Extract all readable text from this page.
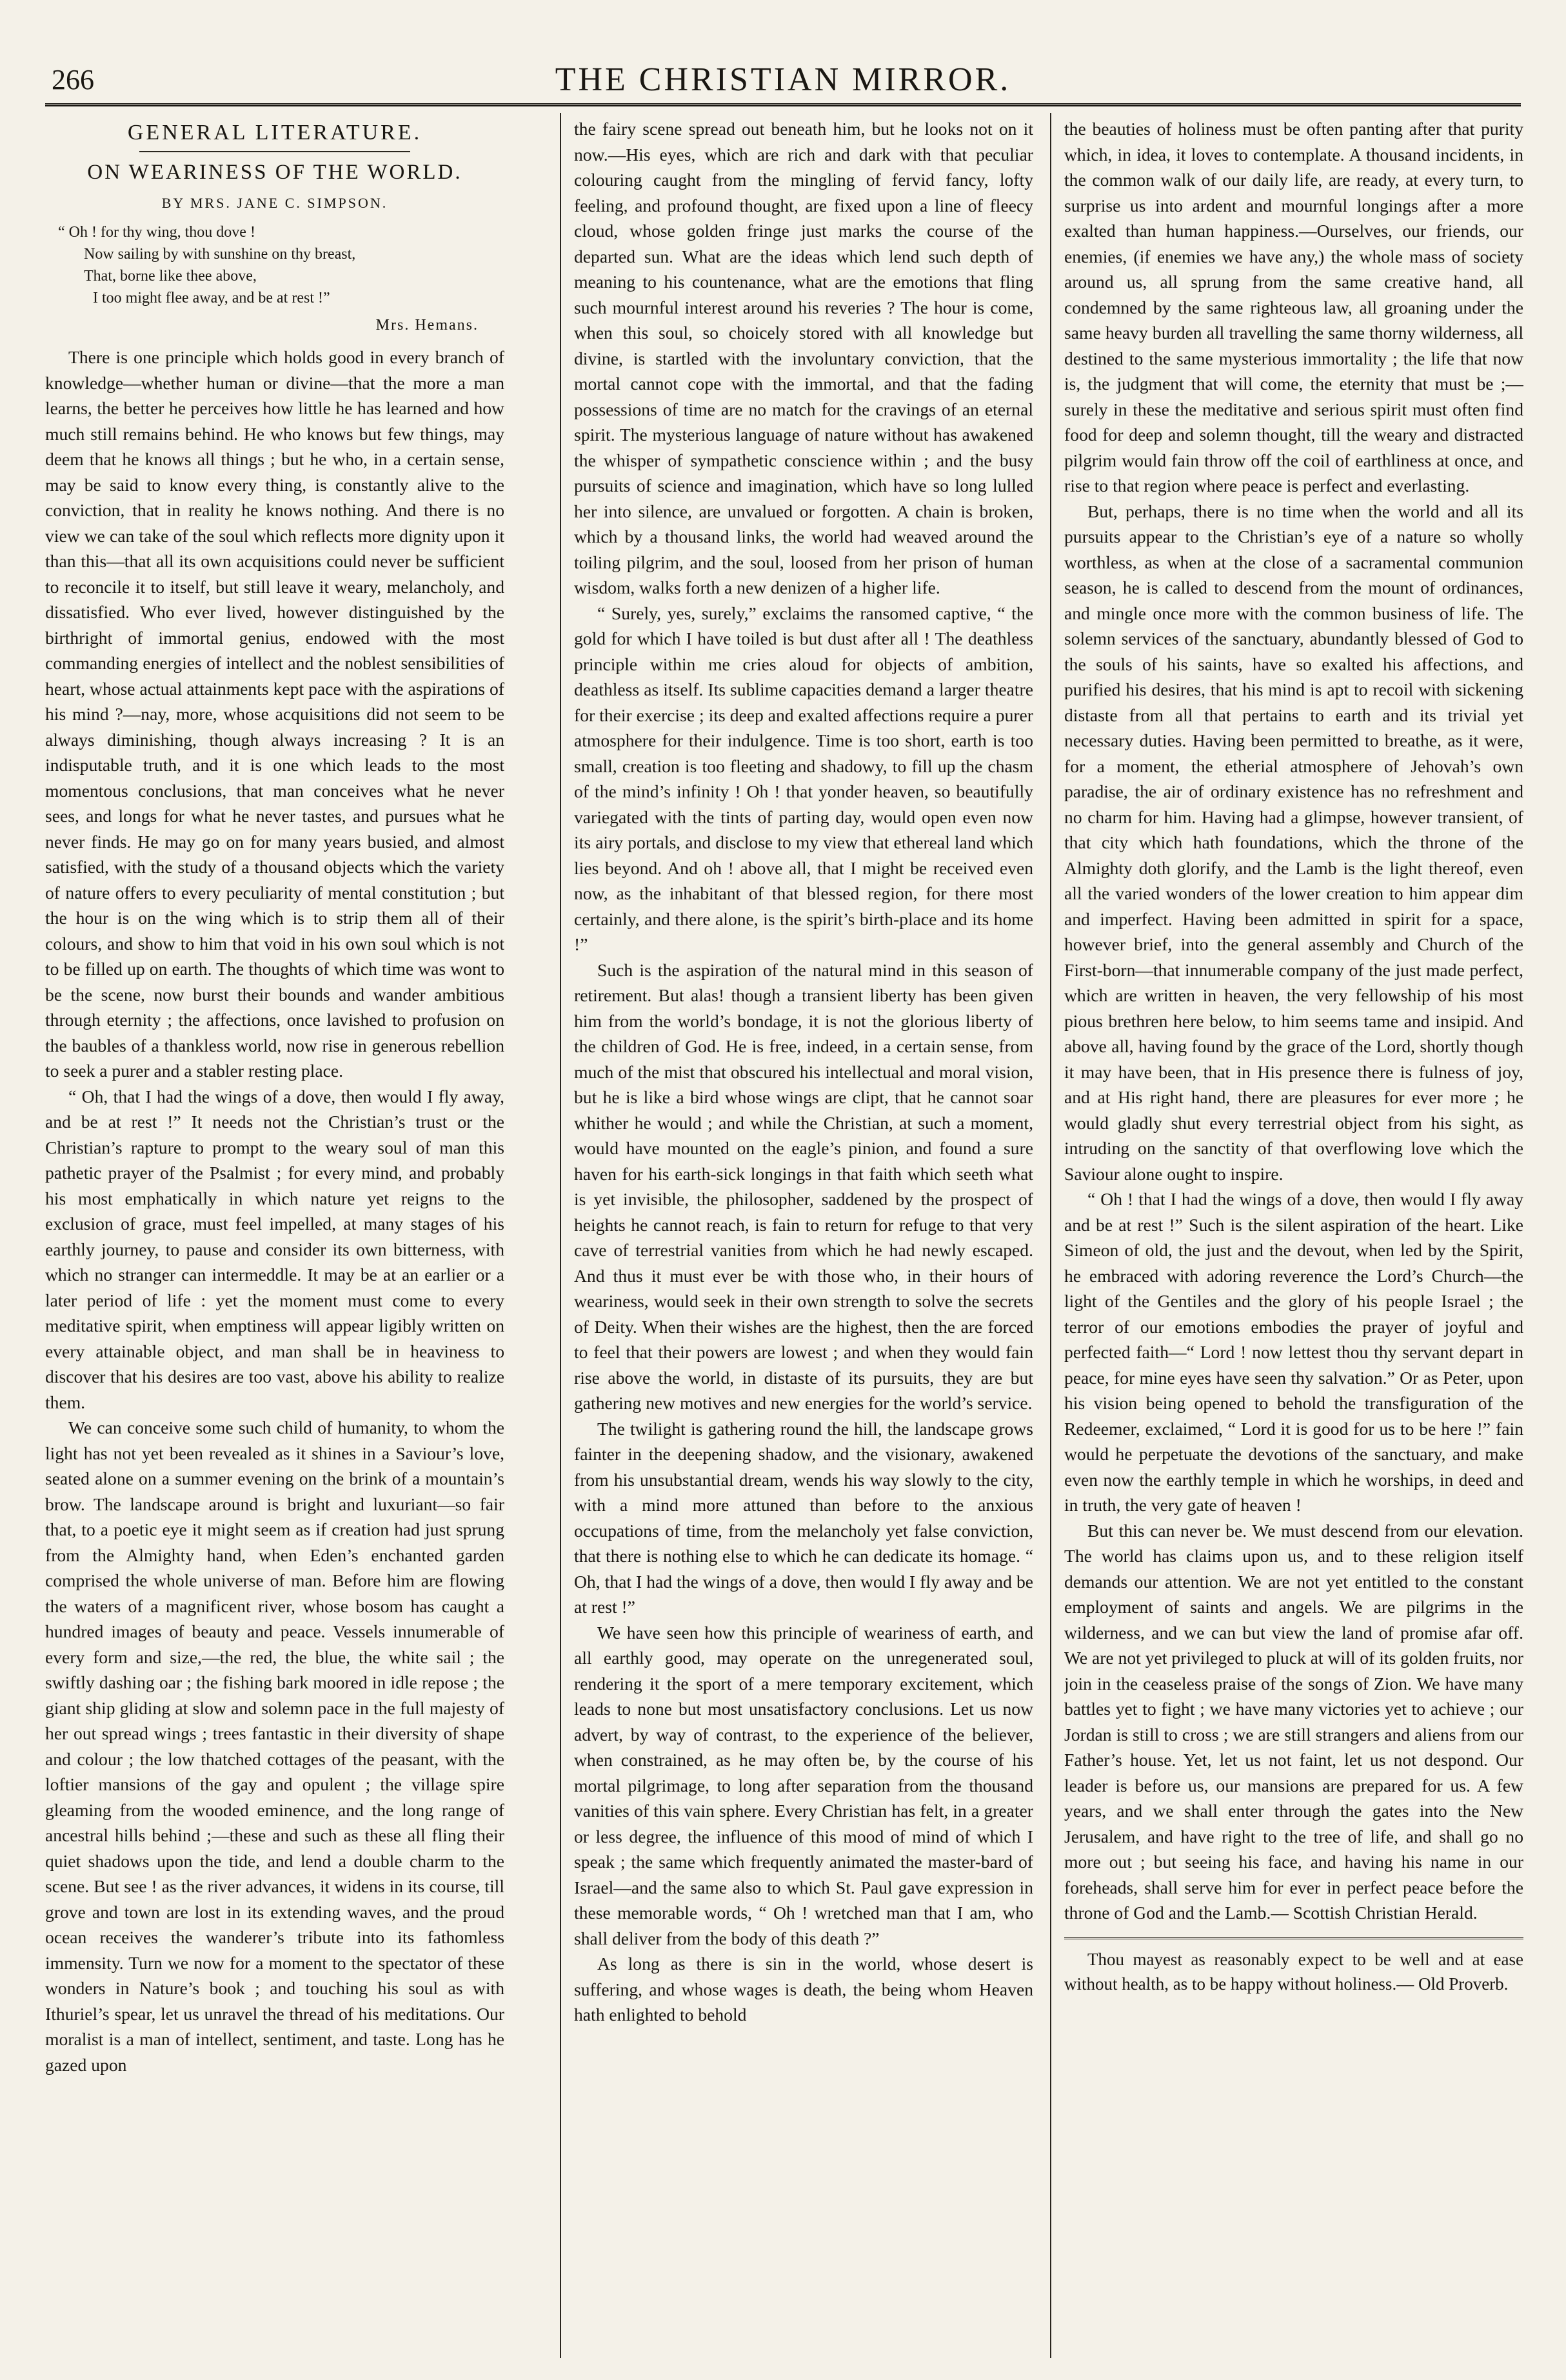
266	THE CHRISTIAN MIRROR.
GENERAL LITERATURE.
ON WEARINESS OF THE WORLD.
BY MRS. JANE C. SIMPSON.
“ Oh ! for thy wing, thou dove !
Now sailing by with sunshine on thy breast,
That, borne like thee above,
I too might flee away, and be at rest !”
Mrs. Hemans.

There is one principle which holds good in every branch of knowledge—whether human or divine—that the more a man learns, the better he perceives how little he has learned and how much still remains behind. He who knows but few things, may deem that he knows all things ; but he who, in a certain sense, may be said to know every thing, is constantly alive to the conviction, that in reality he knows nothing. And there is no view we can take of the soul which reflects more dignity upon it than this—that all its own acquisitions could never be sufficient to reconcile it to itself, but still leave it weary, melancholy, and dissatisfied. Who ever lived, however distinguished by the birthright of immortal genius, endowed with the most commanding energies of intellect and the noblest sensibilities of heart, whose actual attainments kept pace with the aspirations of his mind ?—nay, more, whose acquisitions did not seem to be always diminishing, though always increasing ? It is an indisputable truth, and it is one which leads to the most momentous conclusions, that man conceives what he never sees, and longs for what he never tastes, and pursues what he never finds. He may go on for many years busied, and almost satisfied, with the study of a thousand objects which the variety of nature offers to every peculiarity of mental constitution ; but the hour is on the wing which is to strip them all of their colours, and show to him that void in his own soul which is not to be filled up on earth. The thoughts of which time was wont to be the scene, now burst their bounds and wander ambitious through eternity ; the affections, once lavished to profusion on the baubles of a thankless world, now rise in generous rebellion to seek a purer and a stabler resting place.

“ Oh, that I had the wings of a dove, then would I fly away, and be at rest !” It needs not the Christian’s trust or the Christian’s rapture to prompt to the weary soul of man this pathetic prayer of the Psalmist ; for every mind, and probably his most emphatically in which nature yet reigns to the exclusion of grace, must feel impelled, at many stages of his earthly journey, to pause and consider its own bitterness, with which no stranger can intermeddle. It may be at an earlier or a later period of life : yet the moment must come to every meditative spirit, when emptiness will appear ligibly written on every attainable object, and man shall be in heaviness to discover that his desires are too vast, above his ability to realize them.

We can conceive some such child of humanity, to whom the light has not yet been revealed as it shines in a Saviour’s love, seated alone on a summer evening on the brink of a mountain’s brow. The landscape around is bright and luxuriant—so fair that, to a poetic eye it might seem as if creation had just sprung from the Almighty hand, when Eden’s enchanted garden comprised the whole universe of man. Before him are flowing the waters of a magnificent river, whose bosom has caught a hundred images of beauty and peace. Vessels innumerable of every form and size,—the red, the blue, the white sail ; the swiftly dashing oar ; the fishing bark moored in idle repose ; the giant ship gliding at slow and solemn pace in the full majesty of her out spread wings ; trees fantastic in their diversity of shape and colour ; the low thatched cottages of the peasant, with the loftier mansions of the gay and opulent ; the village spire gleaming from the wooded eminence, and the long range of ancestral hills behind ;—these and such as these all fling their quiet shadows upon the tide, and lend a double charm to the scene. But see ! as the river advances, it widens in its course, till grove and town are lost in its extending waves, and the proud ocean receives the wanderer’s tribute into its fathomless immensity. Turn we now for a moment to the spectator of these wonders in Nature’s book ; and touching his soul as with Ithuriel’s spear, let us unravel the thread of his meditations. Our moralist is a man of intellect, sentiment, and taste. Long has he gazed upon

the fairy scene spread out beneath him, but he looks not on it now.—His eyes, which are rich and dark with that peculiar colouring caught from the mingling of fervid fancy, lofty feeling, and profound thought, are fixed upon a line of fleecy cloud, whose golden fringe just marks the course of the departed sun. What are the ideas which lend such depth of meaning to his countenance, what are the emotions that fling such mournful interest around his reveries ? The hour is come, when this soul, so choicely stored with all knowledge but divine, is startled with the involuntary conviction, that the mortal cannot cope with the immortal, and that the fading possessions of time are no match for the cravings of an eternal spirit. The mysterious language of nature without has awakened the whisper of sympathetic conscience within ; and the busy pursuits of science and imagination, which have so long lulled her into silence, are unvalued or forgotten. A chain is broken, which by a thousand links, the world had weaved around the toiling pilgrim, and the soul, loosed from her prison of human wisdom, walks forth a new denizen of a higher life.

“ Surely, yes, surely,” exclaims the ransomed captive, “ the gold for which I have toiled is but dust after all ! The deathless principle within me cries aloud for objects of ambition, deathless as itself. Its sublime capacities demand a larger theatre for their exercise ; its deep and exalted affections require a purer atmosphere for their indulgence. Time is too short, earth is too small, creation is too fleeting and shadowy, to fill up the chasm of the mind’s infinity ! Oh ! that yonder heaven, so beautifully variegated with the tints of parting day, would open even now its airy portals, and disclose to my view that ethereal land which lies beyond. And oh ! above all, that I might be received even now, as the inhabitant of that blessed region, for there most certainly, and there alone, is the spirit’s birth-place and its home !”

Such is the aspiration of the natural mind in this season of retirement. But alas! though a transient liberty has been given him from the world’s bondage, it is not the glorious liberty of the children of God. He is free, indeed, in a certain sense, from much of the mist that obscured his intellectual and moral vision, but he is like a bird whose wings are clipt, that he cannot soar whither he would ; and while the Christian, at such a moment, would have mounted on the eagle’s pinion, and found a sure haven for his earth-sick longings in that faith which seeth what is yet invisible, the philosopher, saddened by the prospect of heights he cannot reach, is fain to return for refuge to that very cave of terrestrial vanities from which he had newly escaped. And thus it must ever be with those who, in their hours of weariness, would seek in their own strength to solve the secrets of Deity. When their wishes are the highest, then the are forced to feel that their powers are lowest ; and when they would fain rise above the world, in distaste of its pursuits, they are but gathering new motives and new energies for the world’s service.

The twilight is gathering round the hill, the landscape grows fainter in the deepening shadow, and the visionary, awakened from his unsubstantial dream, wends his way slowly to the city, with a mind more attuned than before to the anxious occupations of time, from the melancholy yet false conviction, that there is nothing else to which he can dedicate its homage. “ Oh, that I had the wings of a dove, then would I fly away and be at rest !”

We have seen how this principle of weariness of earth, and all earthly good, may operate on the unregenerated soul, rendering it the sport of a mere temporary excitement, which leads to none but most unsatisfactory conclusions. Let us now advert, by way of contrast, to the experience of the believer, when constrained, as he may often be, by the course of his mortal pilgrimage, to long after separation from the thousand vanities of this vain sphere. Every Christian has felt, in a greater or less degree, the influence of this mood of mind of which I speak ; the same which frequently animated the master-bard of Israel—and the same also to which St. Paul gave expression in these memorable words, “ Oh ! wretched man that I am, who shall deliver from the body of this death ?”

As long as there is sin in the world, whose desert is suffering, and whose wages is death, the being whom Heaven hath enlighted to behold

the beauties of holiness must be often panting after that purity which, in idea, it loves to contemplate. A thousand incidents, in the common walk of our daily life, are ready, at every turn, to surprise us into ardent and mournful longings after a more exalted than human happiness.—Ourselves, our friends, our enemies, (if enemies we have any,) the whole mass of society around us, all sprung from the same creative hand, all condemned by the same righteous law, all groaning under the same heavy burden all travelling the same thorny wilderness, all destined to the same mysterious immortality ; the life that now is, the judgment that will come, the eternity that must be ;—surely in these the meditative and serious spirit must often find food for deep and solemn thought, till the weary and distracted pilgrim would fain throw off the coil of earthliness at once, and rise to that region where peace is perfect and everlasting.

But, perhaps, there is no time when the world and all its pursuits appear to the Christian’s eye of a nature so wholly worthless, as when at the close of a sacramental communion season, he is called to descend from the mount of ordinances, and mingle once more with the common business of life. The solemn services of the sanctuary, abundantly blessed of God to the souls of his saints, have so exalted his affections, and purified his desires, that his mind is apt to recoil with sickening distaste from all that pertains to earth and its trivial yet necessary duties. Having been permitted to breathe, as it were, for a moment, the etherial atmosphere of Jehovah’s own paradise, the air of ordinary existence has no refreshment and no charm for him. Having had a glimpse, however transient, of that city which hath foundations, which the throne of the Almighty doth glorify, and the Lamb is the light thereof, even all the varied wonders of the lower creation to him appear dim and imperfect. Having been admitted in spirit for a space, however brief, into the general assembly and Church of the First-born—that innumerable company of the just made perfect, which are written in heaven, the very fellowship of his most pious brethren here below, to him seems tame and insipid. And above all, having found by the grace of the Lord, shortly though it may have been, that in His presence there is fulness of joy, and at His right hand, there are pleasures for ever more ; he would gladly shut every terrestrial object from his sight, as intruding on the sanctity of that overflowing love which the Saviour alone ought to inspire.

“ Oh ! that I had the wings of a dove, then would I fly away and be at rest !” Such is the silent aspiration of the heart. Like Simeon of old, the just and the devout, when led by the Spirit, he embraced with adoring reverence the Lord’s Church—the light of the Gentiles and the glory of his people Israel ; the terror of our emotions embodies the prayer of joyful and perfected faith—“ Lord ! now lettest thou thy servant depart in peace, for mine eyes have seen thy salvation.” Or as Peter, upon his vision being opened to behold the transfiguration of the Redeemer, exclaimed, “ Lord it is good for us to be here !” fain would he perpetuate the devotions of the sanctuary, and make even now the earthly temple in which he worships, in deed and in truth, the very gate of heaven !

But this can never be. We must descend from our elevation. The world has claims upon us, and to these religion itself demands our attention. We are not yet entitled to the constant employment of saints and angels. We are pilgrims in the wilderness, and we can but view the land of promise afar off. We are not yet privileged to pluck at will of its golden fruits, nor join in the ceaseless praise of the songs of Zion. We have many battles yet to fight ; we have many victories yet to achieve ; our Jordan is still to cross ; we are still strangers and aliens from our Father’s house. Yet, let us not faint, let us not despond. Our leader is before us, our mansions are prepared for us. A few years, and we shall enter through the gates into the New Jerusalem, and have right to the tree of life, and shall go no more out ; but seeing his face, and having his name in our foreheads, shall serve him for ever in perfect peace before the throne of God and the Lamb.— Scottish Christian Herald.

Thou mayest as reasonably expect to be well and at ease without health, as to be happy without holiness.— Old Proverb.
